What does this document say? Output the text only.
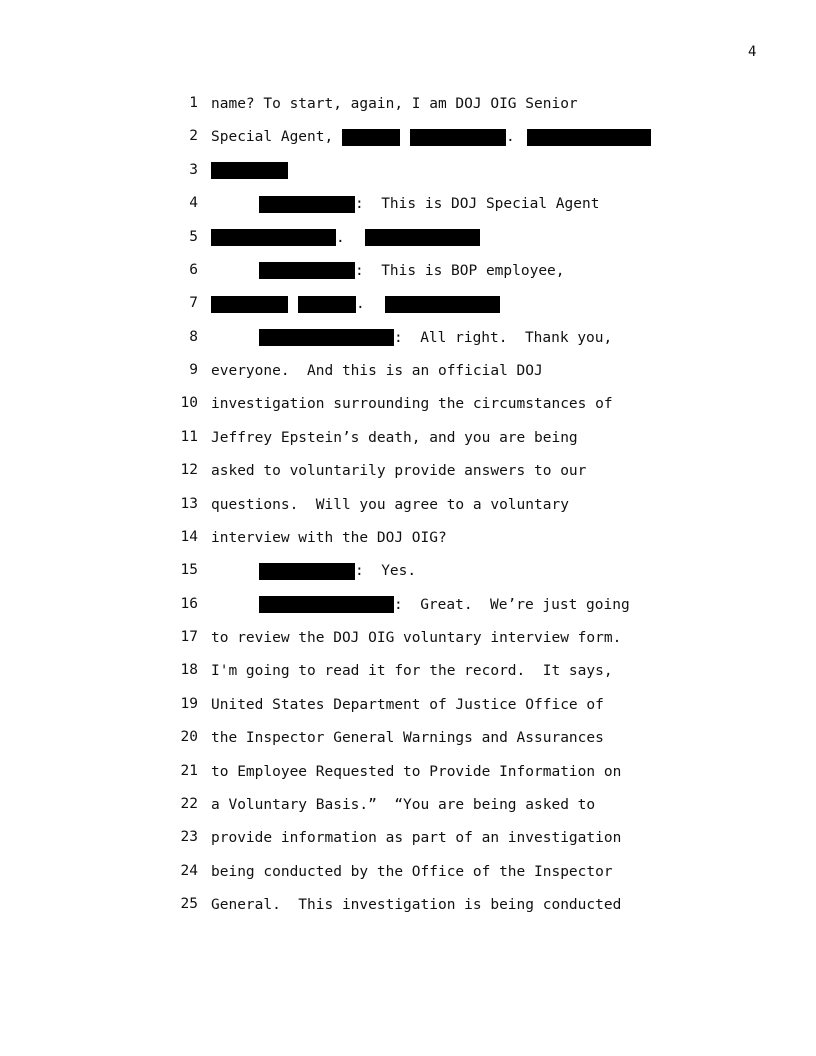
4
1 name? To start, again, I am DOJ OIG Senior
2 Special Agent,	.
3
4	:  This is DOJ Special Agent
5	.
6	:  This is BOP employee,
7	.
8	:  All right.  Thank you,
9 everyone.  And this is an official DOJ
10 investigation surrounding the circumstances of
11 Jeffrey Epstein’s death, and you are being
12 asked to voluntarily provide answers to our
13 questions.  Will you agree to a voluntary
14 interview with the DOJ OIG?
15	:  Yes.
16	:  Great.  We’re just going
17 to review the DOJ OIG voluntary interview form.
18 I'm going to read it for the record.  It says,
19 United States Department of Justice Office of
20 the Inspector General Warnings and Assurances
21 to Employee Requested to Provide Information on
22 a Voluntary Basis.”  “You are being asked to
23 provide information as part of an investigation
24 being conducted by the Office of the Inspector
25 General.  This investigation is being conducted
